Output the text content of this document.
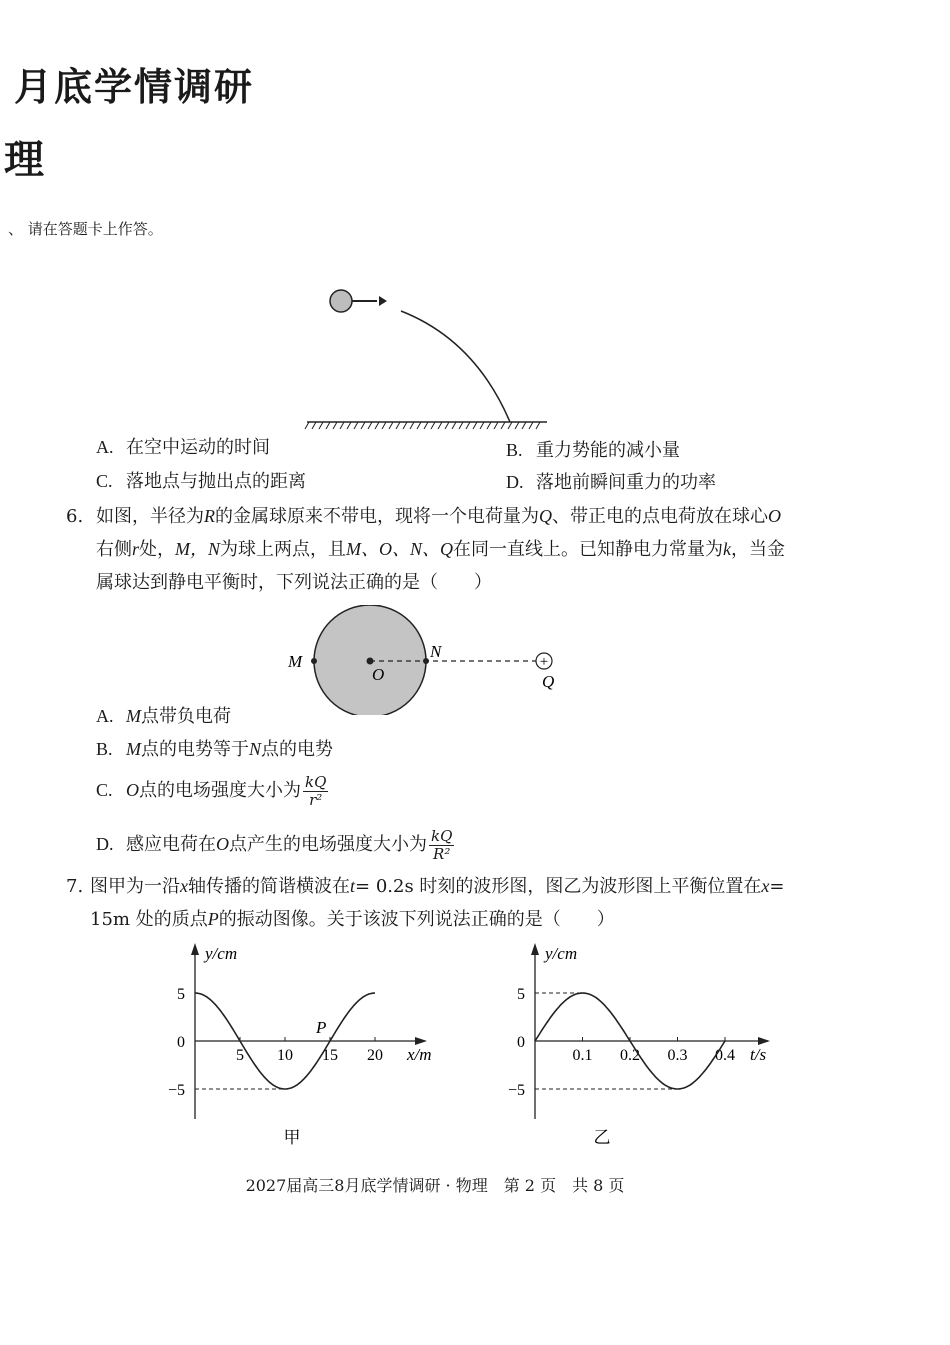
月底学情调研
理
、 请在答题卡上作答。
A. 在空中运动的时间	B. 重力势能的减小量
C. 落地点与抛出点的距离	D. 落地前瞬间重力的功率
6. 如图，半径为R的金属球原来不带电，现将一个电荷量为Q、带正电的点电荷放在球心O
右侧r处，M，N为球上两点，且M、O、N、Q在同一直线上。已知静电力常量为k，当金
属球达到静电平衡时，下列说法正确的是（　　）
+
M
O
N
Q
A. M点带负电荷
B. M点的电势等于N点的电势
C. O点的电场强度大小为 $\frac{kQ}{\text{r²}}$
D. 感应电荷在O点产生的电场强度大小为 $\frac{kQ}{\text{R²}}$
7. 图甲为一沿x轴传播的简谐横波在t= 0.2s 时刻的波形图，图乙为波形图上平衡位置在x=
15m 处的质点P的振动图像。关于该波下列说法正确的是（　　）
y/cm
x/m
5
0
−5
5 10 15 20
甲
P
y/cm
t/s
5
0
−5
0.1 0.2 0.3 0.4
乙
2027届高三8月底学情调研 · 物理　第 2 页　共 8 页
